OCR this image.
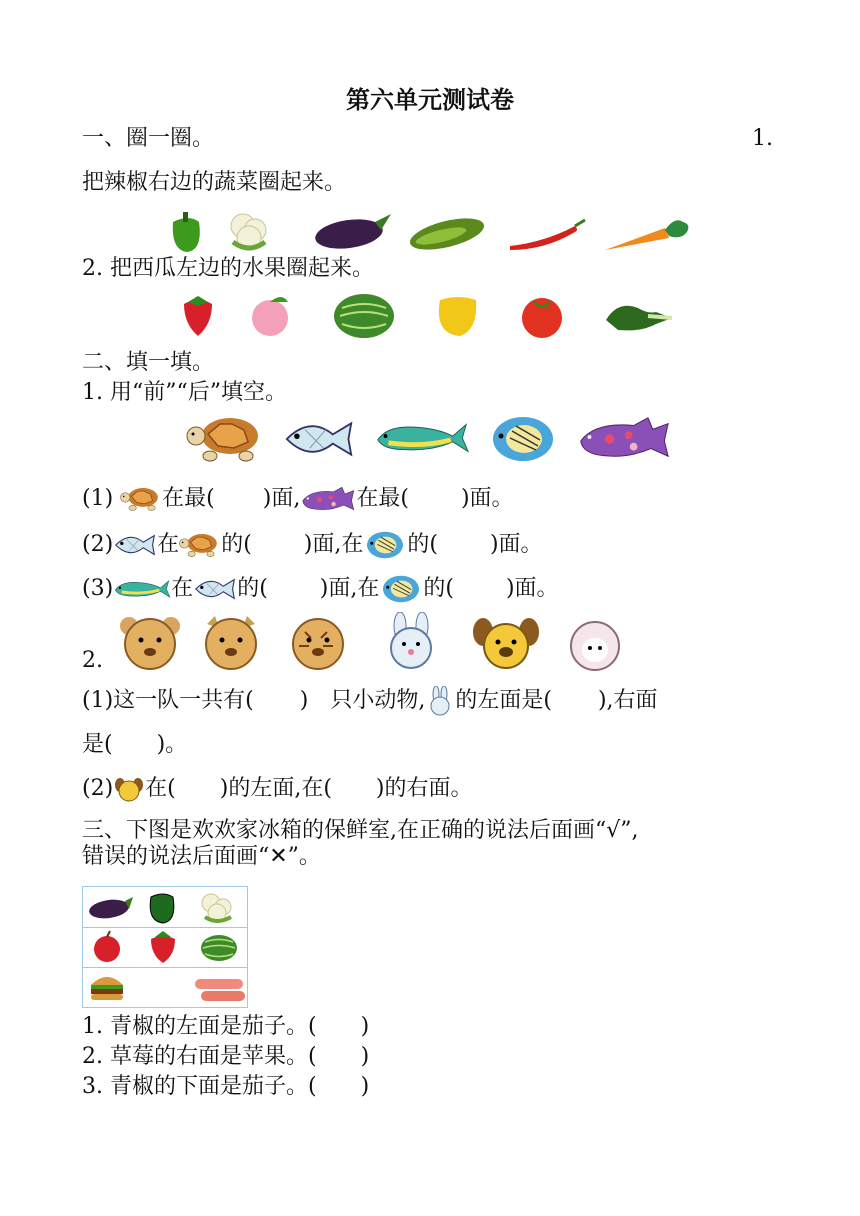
第六单元测试卷
一、圈一圈。	1.
把辣椒右边的蔬菜圈起来。
2. 把西瓜左边的水果圈起来。
二、填一填。
1. 用“前”“后”填空。
(1) 在最( )面,	在最( )面。
(2) 在 的( )面,在 的( )面。
(3)	在 的( )面,在 的( )面。
2.
(1)这一队一共有( ) 只小动物, 的左面是( ),右面
是(　　)。
(2) 在(　　)的左面,在(　　)的右面。
三、下图是欢欢家冰箱的保鲜室,在正确的说法后面画“√”,
错误的说法后面画“✕”。
1. 青椒的左面是茄子。(　　)
2. 草莓的右面是苹果。(　　)
3. 青椒的下面是茄子。(　　)
